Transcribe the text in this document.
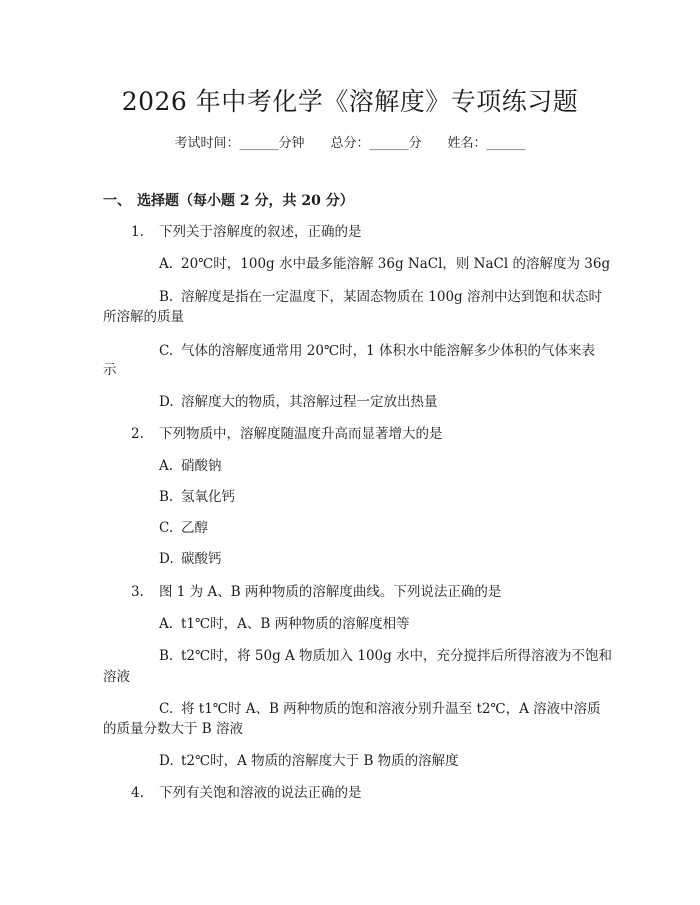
2026 年中考化学《溶解度》专项练习题
考试时间：______分钟 总分：______分 姓名：______
一、 选择题（每小题 2 分，共 20 分）
1. 下列关于溶解度的叙述，正确的是
A. 20℃时，100g 水中最多能溶解 36g NaCl，则 NaCl 的溶解度为 36g
B. 溶解度是指在一定温度下，某固态物质在 100g 溶剂中达到饱和状态时
所溶解的质量
C. 气体的溶解度通常用 20℃时，1 体积水中能溶解多少体积的气体来表
示
D. 溶解度大的物质，其溶解过程一定放出热量
2. 下列物质中，溶解度随温度升高而显著增大的是
A. 硝酸钠
B. 氢氧化钙
C. 乙醇
D. 碳酸钙
3. 图 1 为 A、B 两种物质的溶解度曲线。下列说法正确的是
A. t1℃时，A、B 两种物质的溶解度相等
B. t2℃时，将 50g A 物质加入 100g 水中，充分搅拌后所得溶液为不饱和
溶液
C. 将 t1℃时 A、B 两种物质的饱和溶液分别升温至 t2℃，A 溶液中溶质
的质量分数大于 B 溶液
D. t2℃时，A 物质的溶解度大于 B 物质的溶解度
4. 下列有关饱和溶液的说法正确的是
